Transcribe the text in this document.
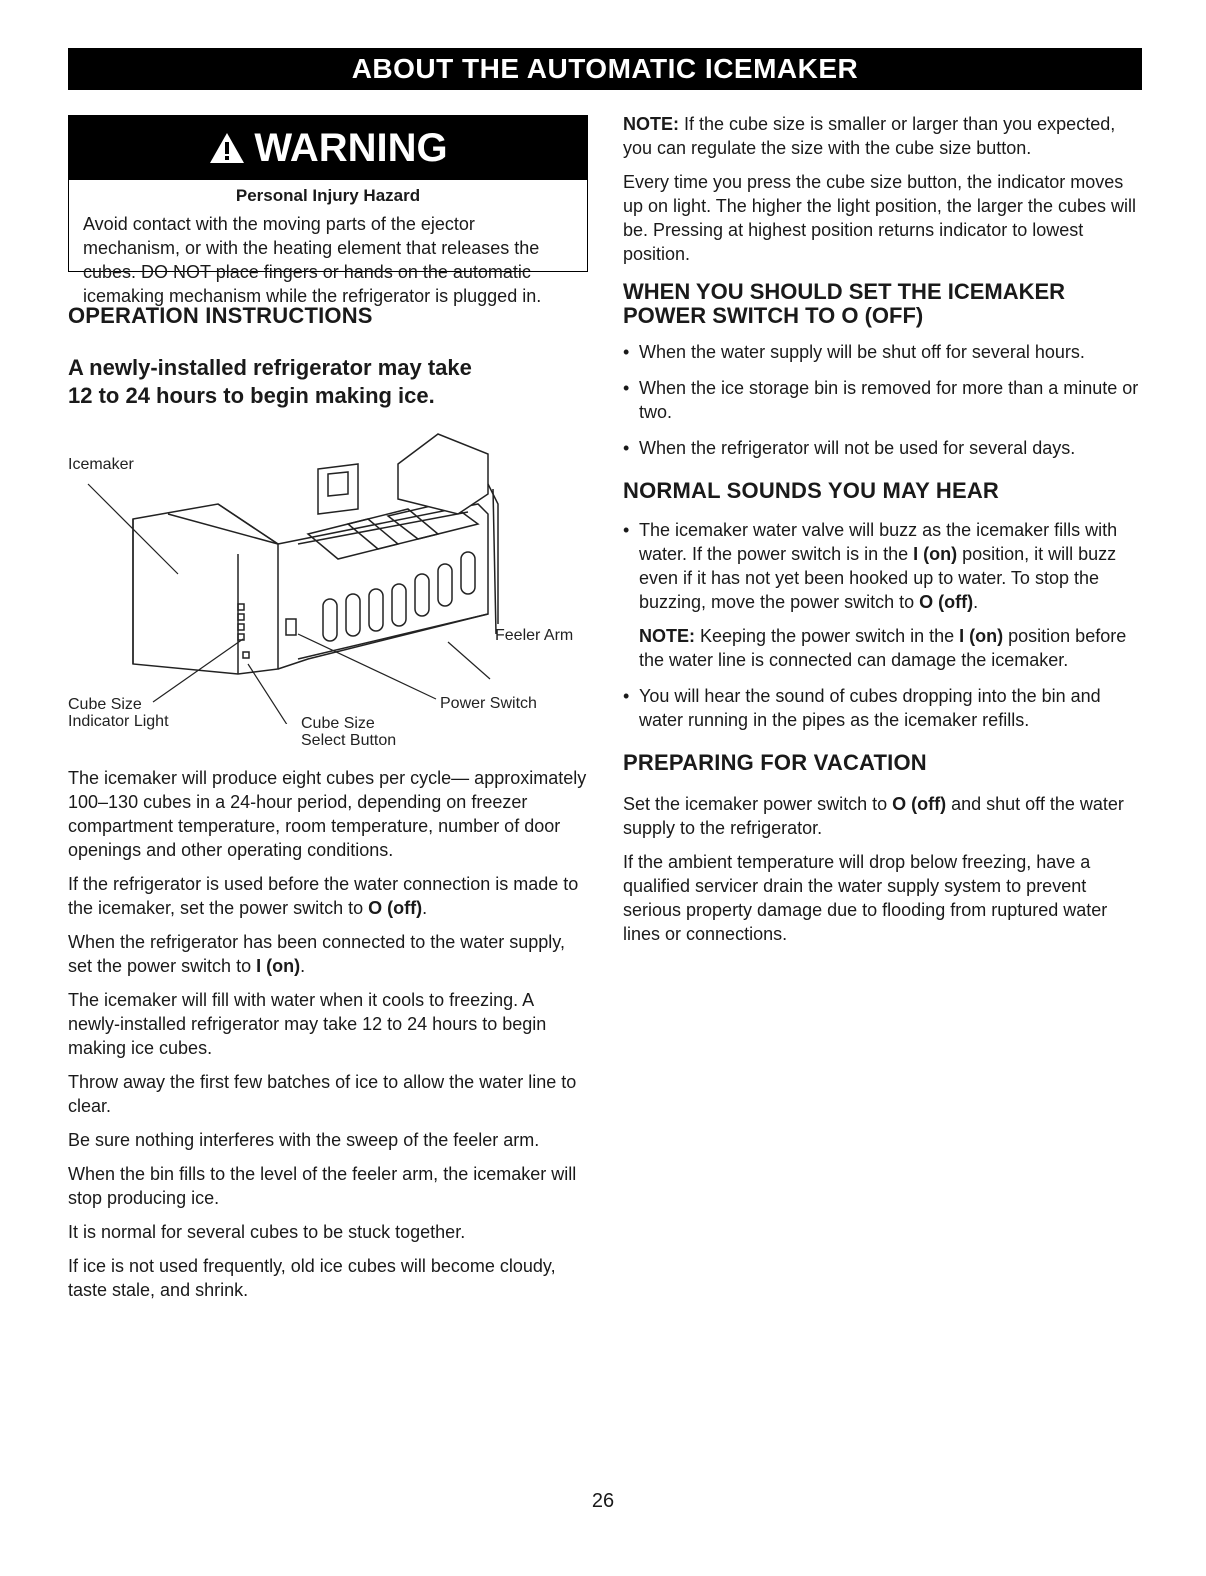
ABOUT THE AUTOMATIC ICEMAKER
WARNING
Personal Injury Hazard
Avoid contact with the moving parts of the ejector mechanism, or with the heating element that releases the cubes. DO NOT place fingers or hands on the automatic icemaking mechanism while the refrigerator is plugged in.
OPERATION INSTRUCTIONS
A newly-installed refrigerator may take
12 to 24 hours to begin making ice.
Icemaker
Feeler Arm
Power Switch
Cube Size
Indicator Light	Cube Size
Select Button

The icemaker will produce eight cubes per cycle— approximately 100–130 cubes in a 24-hour period, depending on freezer compartment temperature, room temperature, number of door openings and other operating conditions.

If the refrigerator is used before the water connection is made to the icemaker, set the power switch to O (off).

When the refrigerator has been connected to the water supply, set the power switch to I (on).

The icemaker will fill with water when it cools to freezing. A newly-installed refrigerator may take 12 to 24 hours to begin making ice cubes.

Throw away the first few batches of ice to allow the water line to clear.

Be sure nothing interferes with the sweep of the feeler arm.

When the bin fills to the level of the feeler arm, the icemaker will stop producing ice.

It is normal for several cubes to be stuck together.

If ice is not used frequently, old ice cubes will become cloudy, taste stale, and shrink.

NOTE: If the cube size is smaller or larger than you expected, you can regulate the size with the cube size button.

Every time you press the cube size button, the indicator moves up on light. The higher the light position, the larger the cubes will be. Pressing at highest position returns indicator to lowest position.

WHEN YOU SHOULD SET THE ICEMAKER
POWER SWITCH TO O (OFF)
• When the water supply will be shut off for several hours.
• When the ice storage bin is removed for more than a minute or two.
• When the refrigerator will not be used for several days.
NORMAL SOUNDS YOU MAY HEAR

• The icemaker water valve will buzz as the icemaker fills with water. If the power switch is in the I (on) position, it will buzz even if it has not yet been hooked up to water. To stop the buzzing, move the power switch to O (off).

NOTE: Keeping the power switch in the I (on) position before the water line is connected can damage the icemaker.

• You will hear the sound of cubes dropping into the bin and water running in the pipes as the icemaker refills.
PREPARING FOR VACATION

Set the icemaker power switch to O (off) and shut off the water supply to the refrigerator.

If the ambient temperature will drop below freezing, have a qualified servicer drain the water supply system to prevent serious property damage due to flooding from ruptured water lines or connections.

26
